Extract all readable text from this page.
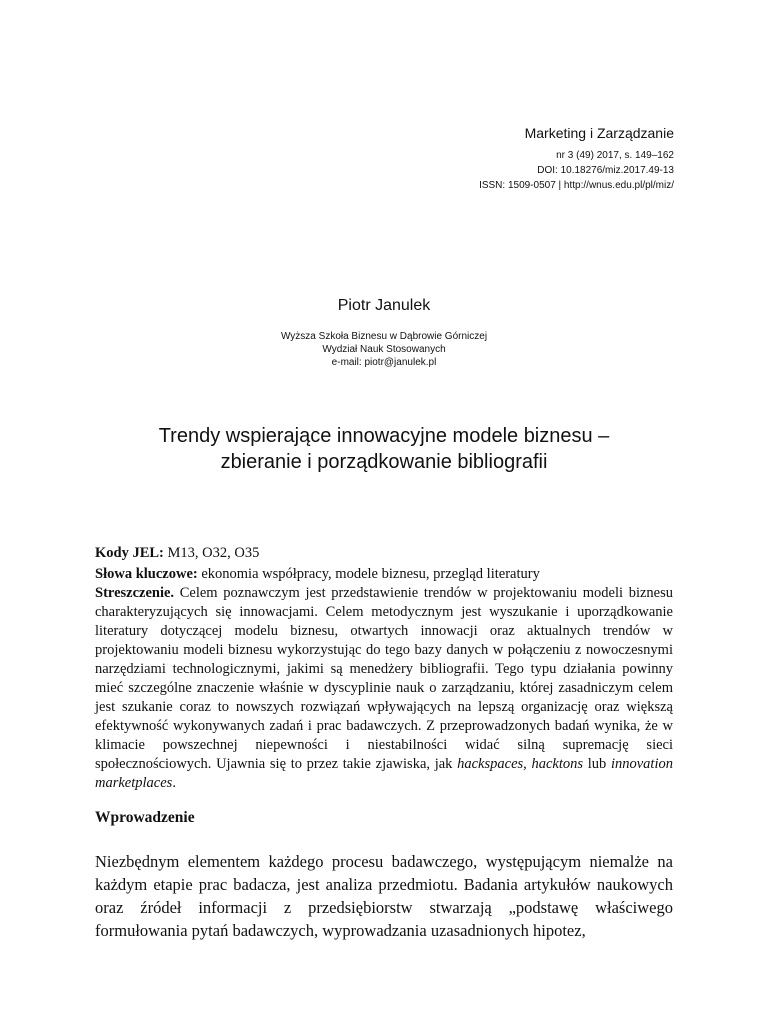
Marketing i Zarządzanie
nr 3 (49) 2017, s. 149–162
DOI: 10.18276/miz.2017.49-13
ISSN: 1509-0507 | http://wnus.edu.pl/pl/miz/
Piotr Janulek
Wyższa Szkoła Biznesu w Dąbrowie Górniczej
Wydział Nauk Stosowanych
e-mail: piotr@janulek.pl
Trendy wspierające innowacyjne modele biznesu –
zbieranie i porządkowanie bibliografii

Kody JEL: M13, O32, O35

Słowa kluczowe: ekonomia współpracy, modele biznesu, przegląd literatury

Streszczenie. Celem poznawczym jest przedstawienie trendów w projektowaniu modeli biznesu charakteryzujących się innowacjami. Celem metodycznym jest wyszukanie i uporządkowanie literatury dotyczącej modelu biznesu, otwartych innowacji oraz aktualnych trendów w projektowaniu modeli biznesu wykorzystując do tego bazy danych w połączeniu z nowoczesnymi narzędziami technologicznymi, jakimi są menedżery bibliografii. Tego typu działania powinny mieć szczególne znaczenie właśnie w dyscyplinie nauk o zarządzaniu, której zasadniczym celem jest szukanie coraz to nowszych rozwiązań wpływających na lepszą organizację oraz większą efektywność wykonywanych zadań i prac badawczych. Z przeprowadzonych badań wynika, że w klimacie powszechnej niepewności i niestabilności widać silną supremację sieci społecznościowych. Ujawnia się to przez takie zjawiska, jak hackspaces, hacktons lub innovation marketplaces.

Wprowadzenie

Niezbędnym elementem każdego procesu badawczego, występującym niemalże na każdym etapie prac badacza, jest analiza przedmiotu. Badania artykułów naukowych oraz źródeł informacji z przedsiębiorstw stwarzają „podstawę właściwego formułowania pytań badawczych, wyprowadzania uzasadnionych hipotez,
